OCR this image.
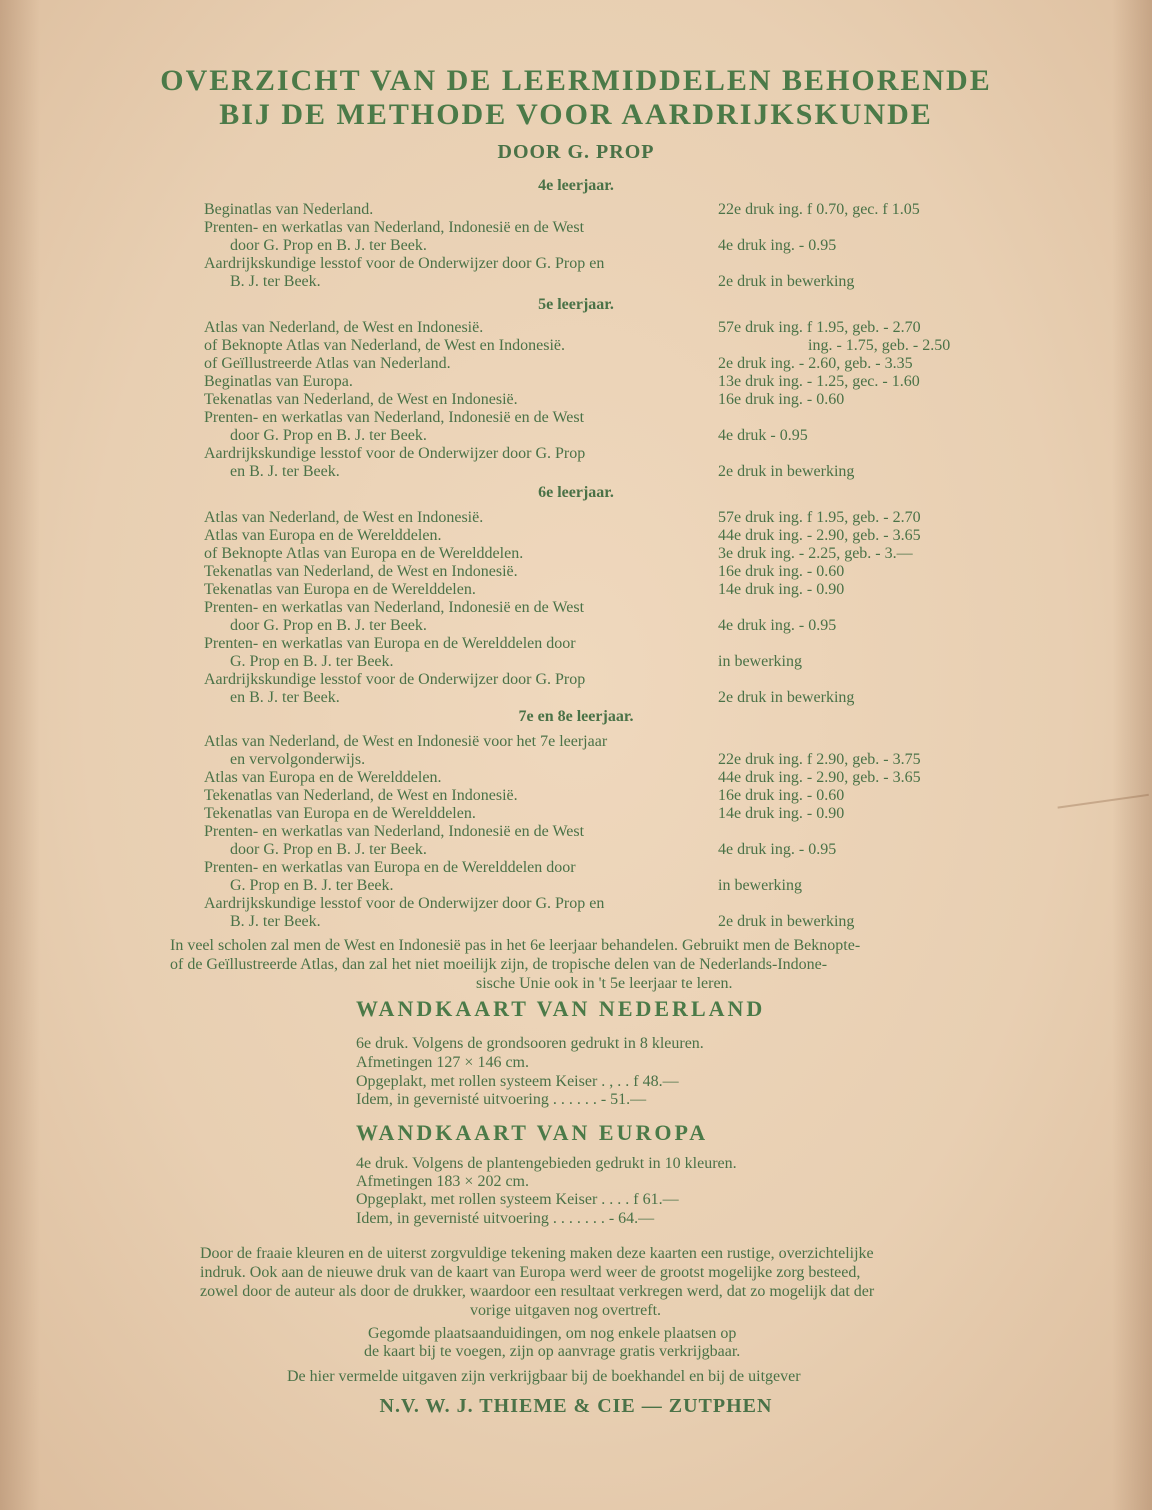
OVERZICHT VAN DE LEERMIDDELEN BEHORENDE
BIJ DE METHODE VOOR AARDRIJKSKUNDE
DOOR G. PROP
4e leerjaar.
Beginatlas van Nederland.	22e druk ing. f 0.70, gec. f 1.05
Prenten- en werkatlas van Nederland, Indonesië en de West
door G. Prop en B. J. ter Beek.	4e druk ing. - 0.95
Aardrijkskundige lesstof voor de Onderwijzer door G. Prop en
B. J. ter Beek.	2e druk in bewerking
5e leerjaar.
Atlas van Nederland, de West en Indonesië.	57e druk ing. f 1.95, geb. - 2.70
of Beknopte Atlas van Nederland, de West en Indonesië.	ing. - 1.75, geb. - 2.50
of Geïllustreerde Atlas van Nederland.	2e druk ing. - 2.60, geb. - 3.35
Beginatlas van Europa.	13e druk ing. - 1.25, gec. - 1.60
Tekenatlas van Nederland, de West en Indonesië.	16e druk ing. - 0.60
Prenten- en werkatlas van Nederland, Indonesië en de West
door G. Prop en B. J. ter Beek.	4e druk - 0.95
Aardrijkskundige lesstof voor de Onderwijzer door G. Prop
en B. J. ter Beek.	2e druk in bewerking
6e leerjaar.
Atlas van Nederland, de West en Indonesië.	57e druk ing. f 1.95, geb. - 2.70
Atlas van Europa en de Werelddelen.	44e druk ing. - 2.90, geb. - 3.65
of Beknopte Atlas van Europa en de Werelddelen.	3e druk ing. - 2.25, geb. - 3.—
Tekenatlas van Nederland, de West en Indonesië.	16e druk ing. - 0.60
Tekenatlas van Europa en de Werelddelen.	14e druk ing. - 0.90
Prenten- en werkatlas van Nederland, Indonesië en de West
door G. Prop en B. J. ter Beek.	4e druk ing. - 0.95
Prenten- en werkatlas van Europa en de Werelddelen door
G. Prop en B. J. ter Beek.	in bewerking
Aardrijkskundige lesstof voor de Onderwijzer door G. Prop
en B. J. ter Beek.	2e druk in bewerking
7e en 8e leerjaar.
Atlas van Nederland, de West en Indonesië voor het 7e leerjaar
en vervolgonderwijs.	22e druk ing. f 2.90, geb. - 3.75
Atlas van Europa en de Werelddelen.	44e druk ing. - 2.90, geb. - 3.65
Tekenatlas van Nederland, de West en Indonesië.	16e druk ing. - 0.60
Tekenatlas van Europa en de Werelddelen.	14e druk ing. - 0.90
Prenten- en werkatlas van Nederland, Indonesië en de West
door G. Prop en B. J. ter Beek.	4e druk ing. - 0.95
Prenten- en werkatlas van Europa en de Werelddelen door
G. Prop en B. J. ter Beek.	in bewerking
Aardrijkskundige lesstof voor de Onderwijzer door G. Prop en
B. J. ter Beek.	2e druk in bewerking
In veel scholen zal men de West en Indonesië pas in het 6e leerjaar behandelen. Gebruikt men de Beknopte-
of de Geïllustreerde Atlas, dan zal het niet moeilijk zijn, de tropische delen van de Nederlands-Indone-
sische Unie ook in 't 5e leerjaar te leren.
WANDKAART VAN NEDERLAND
6e druk. Volgens de grondsooren gedrukt in 8 kleuren.
Afmetingen 127 × 146 cm.
Opgeplakt, met rollen systeem Keiser . , . . f 48.—
Idem, in gevernisté uitvoering . . . . . . - 51.—
WANDKAART VAN EUROPA
4e druk. Volgens de plantengebieden gedrukt in 10 kleuren.
Afmetingen 183 × 202 cm.
Opgeplakt, met rollen systeem Keiser . . . . f 61.—
Idem, in gevernisté uitvoering . . . . . . . - 64.—
Door de fraaie kleuren en de uiterst zorgvuldige tekening maken deze kaarten een rustige, overzichtelijke
indruk. Ook aan de nieuwe druk van de kaart van Europa werd weer de grootst mogelijke zorg besteed,
zowel door de auteur als door de drukker, waardoor een resultaat verkregen werd, dat zo mogelijk dat der
vorige uitgaven nog overtreft.
Gegomde plaatsaanduidingen, om nog enkele plaatsen op
de kaart bij te voegen, zijn op aanvrage gratis verkrijgbaar.
De hier vermelde uitgaven zijn verkrijgbaar bij de boekhandel en bij de uitgever
N.V. W. J. THIEME & CIE — ZUTPHEN
